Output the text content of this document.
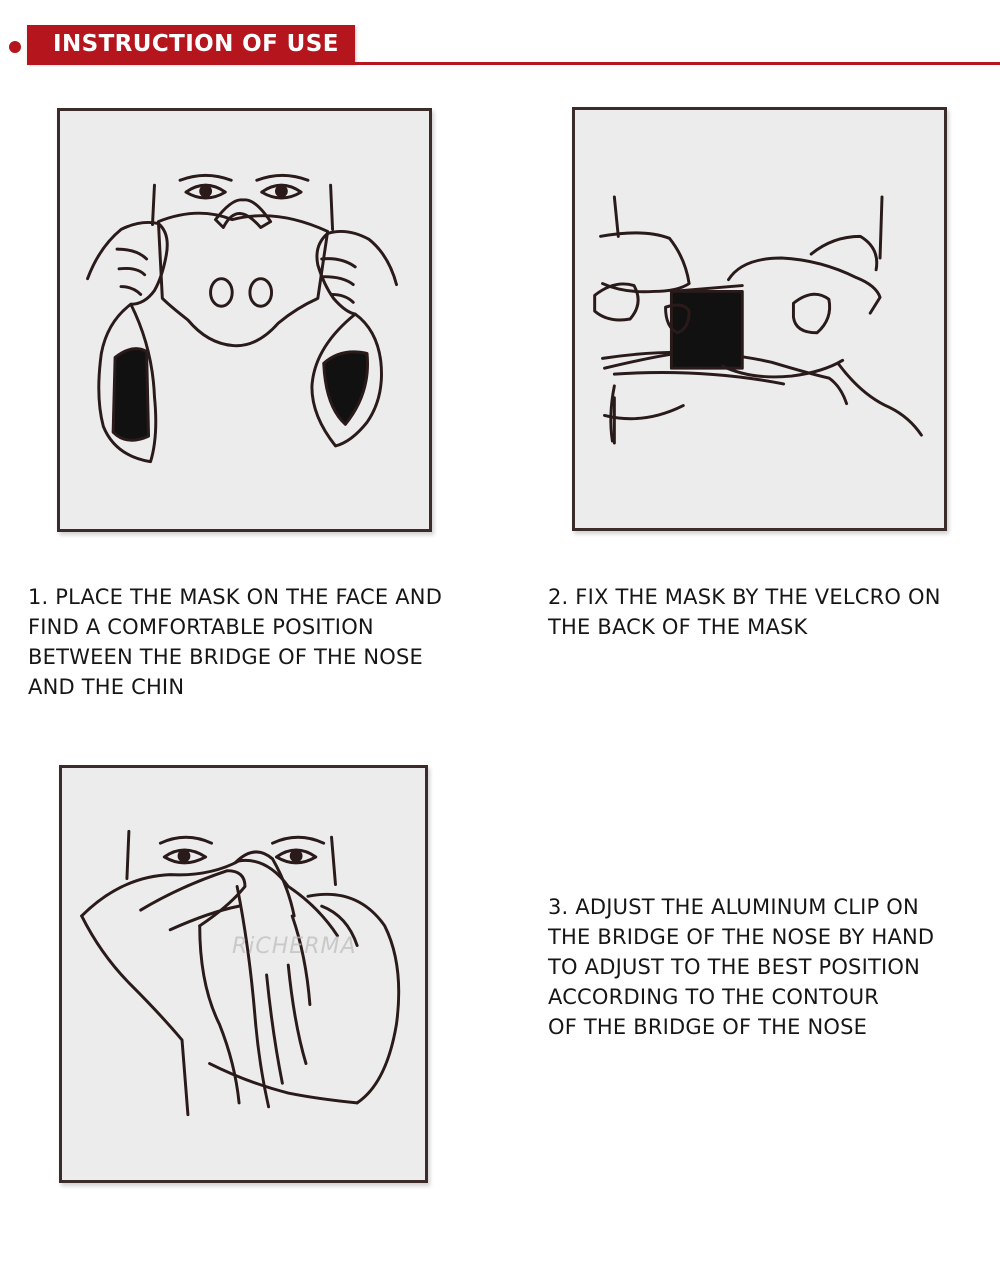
INSTRUCTION OF USE
1. PLACE THE MASK ON THE FACE AND
FIND A COMFORTABLE POSITION
BETWEEN THE BRIDGE OF THE NOSE
AND THE CHIN
2. FIX THE MASK BY THE VELCRO ON
THE BACK OF THE MASK
RiCHERMA
3. ADJUST THE ALUMINUM CLIP ON
THE BRIDGE OF THE NOSE BY HAND
TO ADJUST TO THE BEST POSITION
ACCORDING TO THE CONTOUR
OF THE BRIDGE OF THE NOSE
